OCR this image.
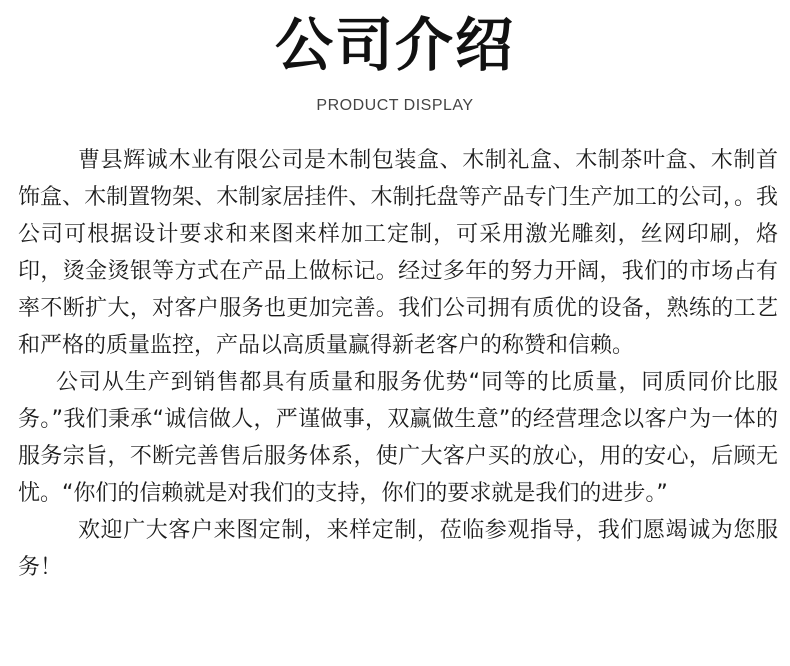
公司介绍
PRODUCT DISPLAY

曹县辉诚木业有限公司是木制包装盒、木制礼盒、木制茶叶盒、木制首饰盒、木制置物架、木制家居挂件、木制托盘等产品专门生产加工的公司，。我公司可根据设计要求和来图来样加工定制，可采用激光雕刻，丝网印刷，烙印，烫金烫银等方式在产品上做标记。经过多年的努力开阔，我们的市场占有率不断扩大，对客户服务也更加完善。我们公司拥有质优的设备，熟练的工艺和严格的质量监控，产品以高质量赢得新老客户的称赞和信赖。

公司从生产到销售都具有质量和服务优势“同等的比质量，同质同价比服务。”我们秉承“诚信做人，严谨做事，双赢做生意”的经营理念以客户为一体的服务宗旨，不断完善售后服务体系，使广大客户买的放心，用的安心，后顾无忧。“你们的信赖就是对我们的支持，你们的要求就是我们的进步。”

欢迎广大客户来图定制，来样定制，莅临参观指导，我们愿竭诚为您服务！
